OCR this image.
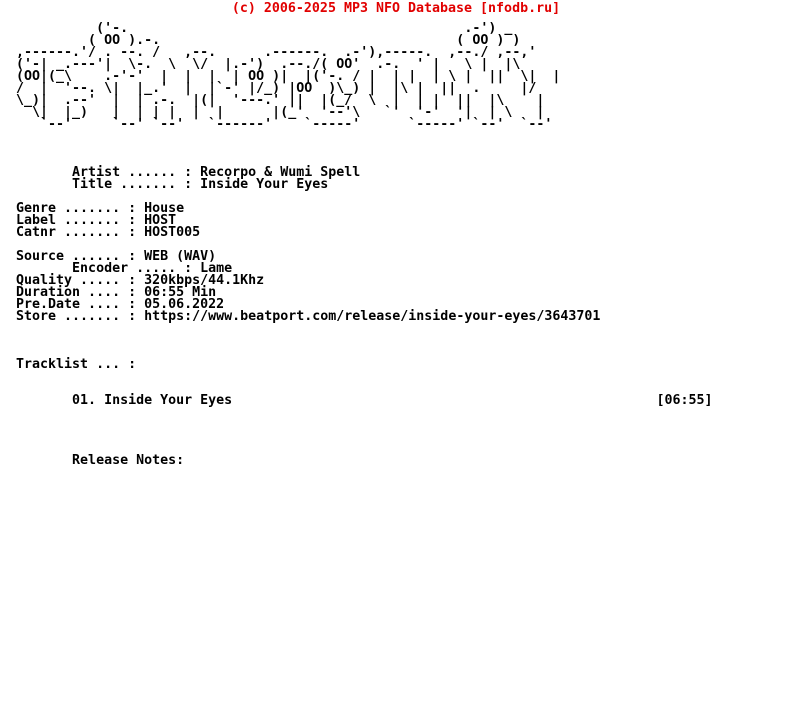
(c) 2006-2025 MP3 NFO Database [nfodb.ru]
('-.                                          .-') _
( OO ).-.                                     ( OO ) )
,------.'/ . --. /   ,--.      .------.  .-'),-----.  ,--./ ,--,'
('-| _.---'|  \-.  \  \/  |.-')  .--./( OO'  .-.  ' |   \ |  |\
(OO|(_\    .-'-'  |  |  |  | OO )|  |('-. / |  | |  | \ |  ||  \|  |
/  |  '--. \|  |_.'  |  |`-' |/_) |OO  )\_) |  |\ |  ||  .     |/
\_)|  .--'  |  | .-.  |(|  '---.' ||  |(_/  \  |  | |  ||  |\    |
\|  |_)   |  | | |  |  |      |(_'  '--'\   `'  '-'  '|  | \   |
`--'     `--' `--'   `------'    `-----'      `-----' `--'  `--'
Artist ...... : Recorpo & Wumi Spell
Title ....... : Inside Your Eyes
Genre ....... : House
Label ....... : HOST
Catnr ....... : HOST005
Source ...... : WEB (WAV)
Encoder ..... : Lame
Quality ..... : 320kbps/44.1Khz
Duration .... : 06:55 Min
Pre.Date .... : 05.06.2022
Store ....... : https://www.beatport.com/release/inside-your-eyes/3643701
Tracklist ... :
01. Inside Your Eyes                                                     [06:55]
Release Notes:
